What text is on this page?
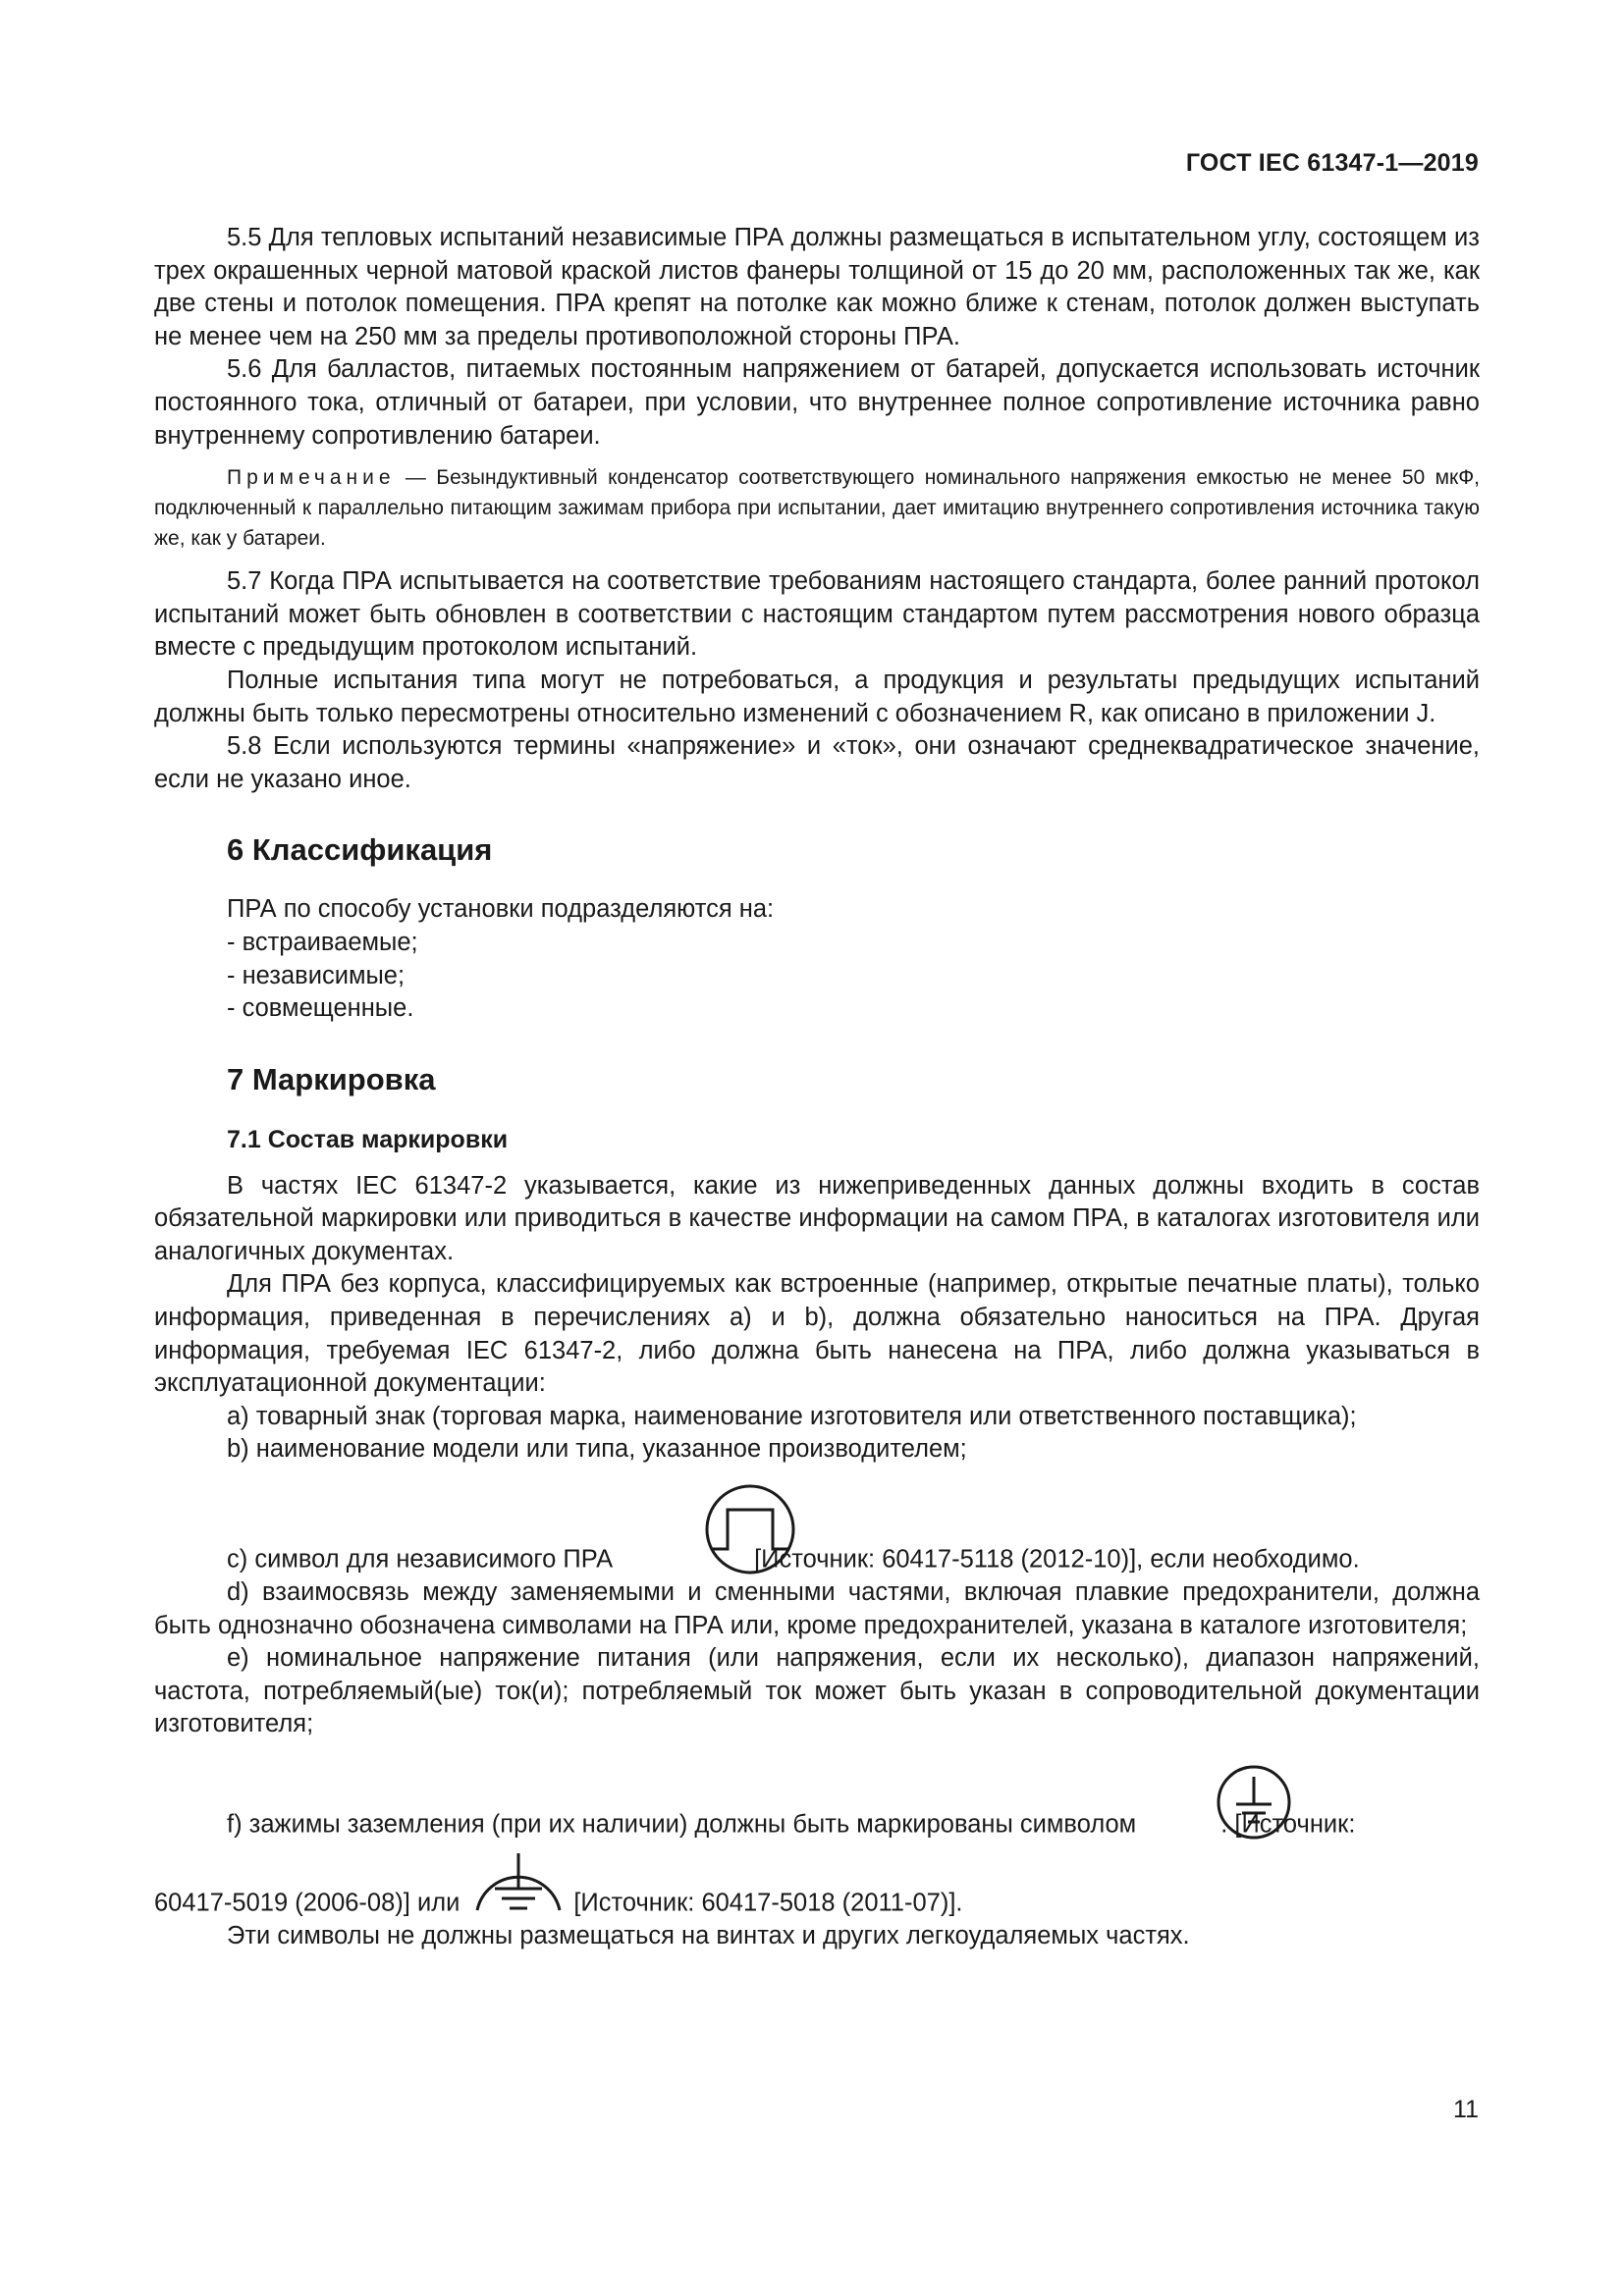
ГОСТ IEC 61347-1—2019

5.5 Для тепловых испытаний независимые ПРА должны размещаться в испытательном углу, состоящем из трех окрашенных черной матовой краской листов фанеры толщиной от 15 до 20 мм, расположенных так же, как две стены и потолок помещения. ПРА крепят на потолке как можно ближе к стенам, потолок должен выступать не менее чем на 250 мм за пределы противоположной стороны ПРА.

5.6 Для балластов, питаемых постоянным напряжением от батарей, допускается использовать источник постоянного тока, отличный от батареи, при условии, что внутреннее полное сопротивление источника равно внутреннему сопротивлению батареи.

Примечание — Безындуктивный конденсатор соответствующего номинального напряжения емкостью не менее 50 мкФ, подключенный к параллельно питающим зажимам прибора при испытании, дает имитацию внутреннего сопротивления источника такую же, как у батареи.

5.7 Когда ПРА испытывается на соответствие требованиям настоящего стандарта, более ранний протокол испытаний может быть обновлен в соответствии с настоящим стандартом путем рассмотрения нового образца вместе с предыдущим протоколом испытаний.

Полные испытания типа могут не потребоваться, а продукция и результаты предыдущих испытаний должны быть только пересмотрены относительно изменений с обозначением R, как описано в приложении J.

5.8 Если используются термины «напряжение» и «ток», они означают среднеквадратическое значение, если не указано иное.

6 Классификация

ПРА по способу установки подразделяются на:

- встраиваемые;

- независимые;

- совмещенные.

7 Маркировка
7.1 Состав маркировки

В частях IEC 61347-2 указывается, какие из нижеприведенных данных должны входить в состав обязательной маркировки или приводиться в качестве информации на самом ПРА, в каталогах изготовителя или аналогичных документах.

Для ПРА без корпуса, классифицируемых как встроенные (например, открытые печатные платы), только информация, приведенная в перечислениях a) и b), должна обязательно наноситься на ПРА. Другая информация, требуемая IEC 61347-2, либо должна быть нанесена на ПРА, либо должна указываться в эксплуатационной документации:

a) товарный знак (торговая марка, наименование изготовителя или ответственного поставщика);

b) наименование модели или типа, указанное производителем;

c) символ для независимого ПРА	[Источник: 60417-5118 (2012-10)], если необходимо.

d) взаимосвязь между заменяемыми и сменными частями, включая плавкие предохранители, должна быть однозначно обозначена символами на ПРА или, кроме предохранителей, указана в каталоге изготовителя;

e) номинальное напряжение питания (или напряжения, если их несколько), диапазон напряжений, частота, потребляемый(ые) ток(и); потребляемый ток может быть указан в сопроводительной документации изготовителя;

f) зажимы заземления (при их наличии) должны быть маркированы символом	. [Источник:

60417-5019 (2006-08)] или	[Источник: 60417-5018 (2011-07)].

Эти символы не должны размещаться на винтах и других легкоудаляемых частях.

11
